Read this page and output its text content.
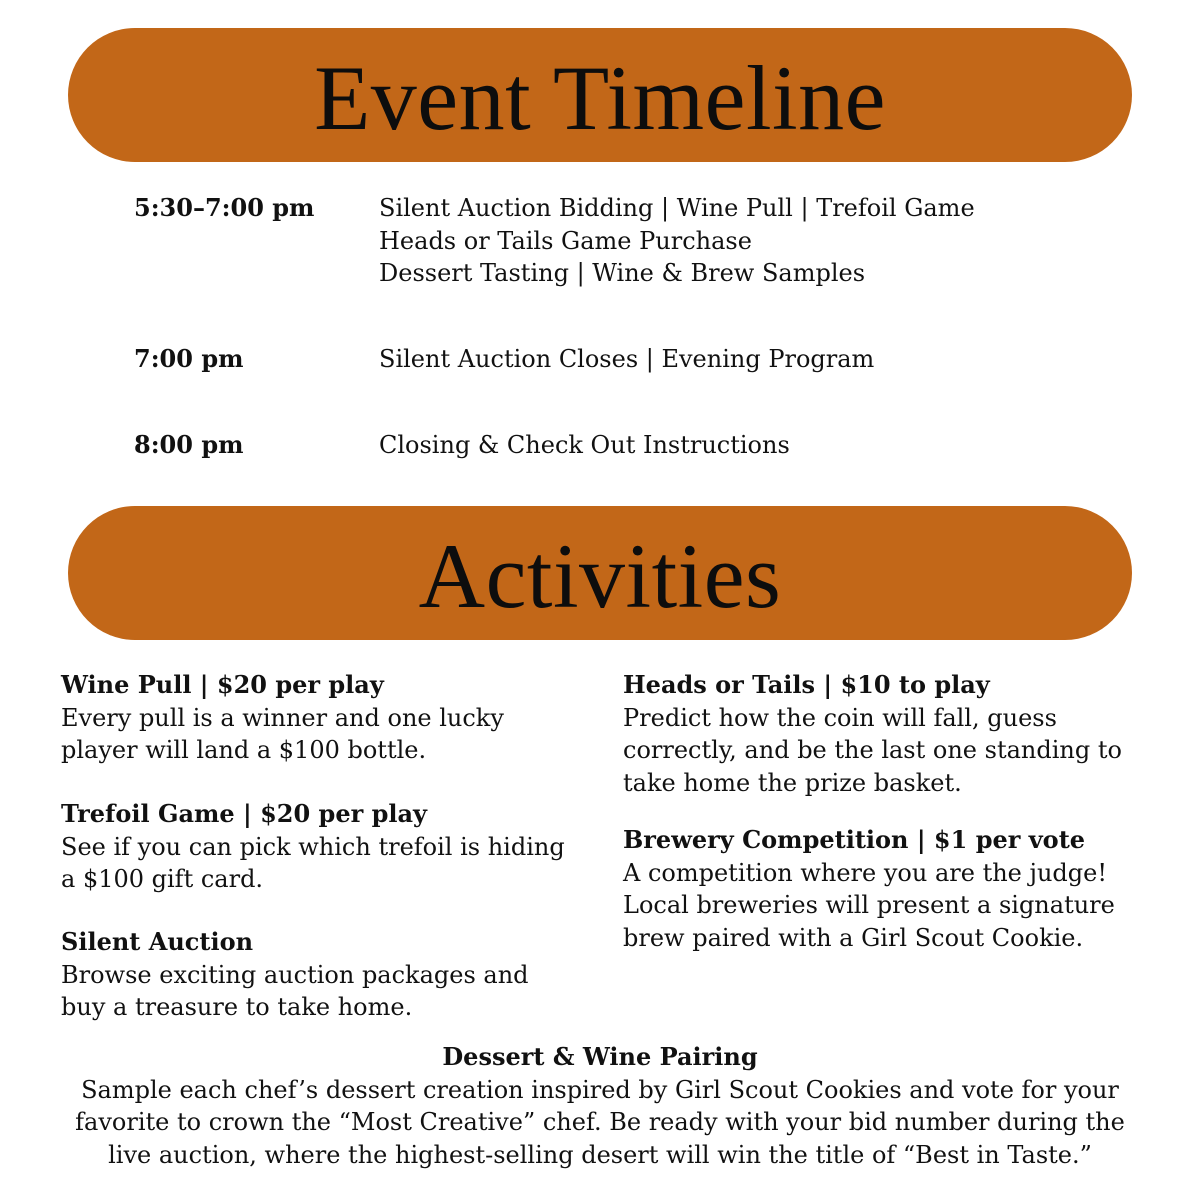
Event Timeline
5:30–7:00 pm	Silent Auction Bidding | Wine Pull | Trefoil Game
Heads or Tails Game Purchase
Dessert Tasting | Wine & Brew Samples
7:00 pm	Silent Auction Closes | Evening Program
8:00 pm	Closing & Check Out Instructions
Activities
Wine Pull | $20 per play
Every pull is a winner and one lucky player will land a $100 bottle.
Trefoil Game | $20 per play
See if you can pick which trefoil is hiding a $100 gift card.
Silent Auction
Browse exciting auction packages and buy a treasure to take home.
Heads or Tails | $10 to play
Predict how the coin will fall, guess correctly, and be the last one standing to take home the prize basket.
Brewery Competition | $1 per vote
A competition where you are the judge! Local breweries will present a signature brew paired with a Girl Scout Cookie.
Dessert & Wine Pairing
Sample each chef’s dessert creation inspired by Girl Scout Cookies and vote for your favorite to crown the “Most Creative” chef. Be ready with your bid number during the live auction, where the highest-selling desert will win the title of “Best in Taste.”
